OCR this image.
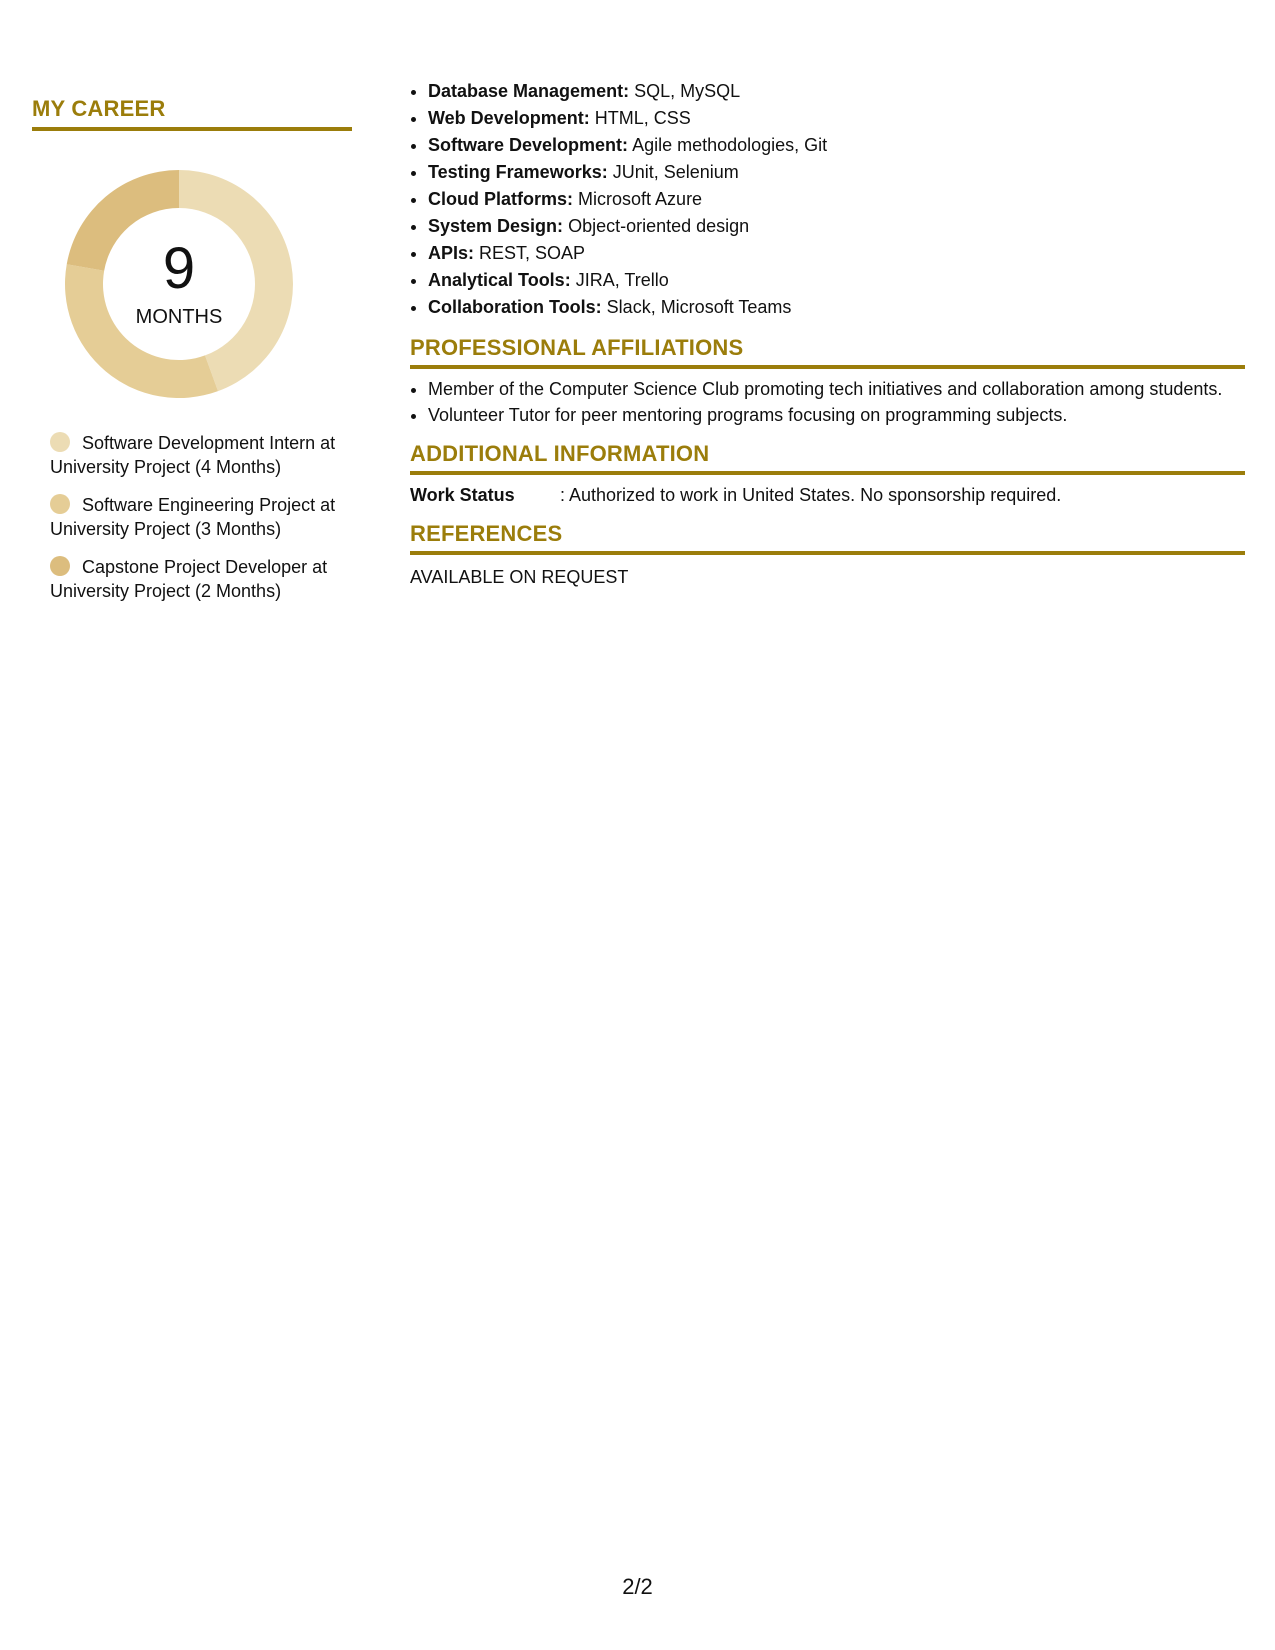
MY CAREER
9
MONTHS
Software Development Intern at University Project (4 Months)
Software Engineering Project at University Project (3 Months)
Capstone Project Developer at University Project (2 Months)
• Database Management: SQL, MySQL
• Web Development: HTML, CSS
• Software Development: Agile methodologies, Git
• Testing Frameworks: JUnit, Selenium
• Cloud Platforms: Microsoft Azure
• System Design: Object-oriented design
• APIs: REST, SOAP
• Analytical Tools: JIRA, Trello
• Collaboration Tools: Slack, Microsoft Teams
PROFESSIONAL AFFILIATIONS
• Member of the Computer Science Club promoting tech initiatives and collaboration among students.
• Volunteer Tutor for peer mentoring programs focusing on programming subjects.
ADDITIONAL INFORMATION
Work Status	: Authorized to work in United States. No sponsorship required.
REFERENCES
AVAILABLE ON REQUEST
2/2
